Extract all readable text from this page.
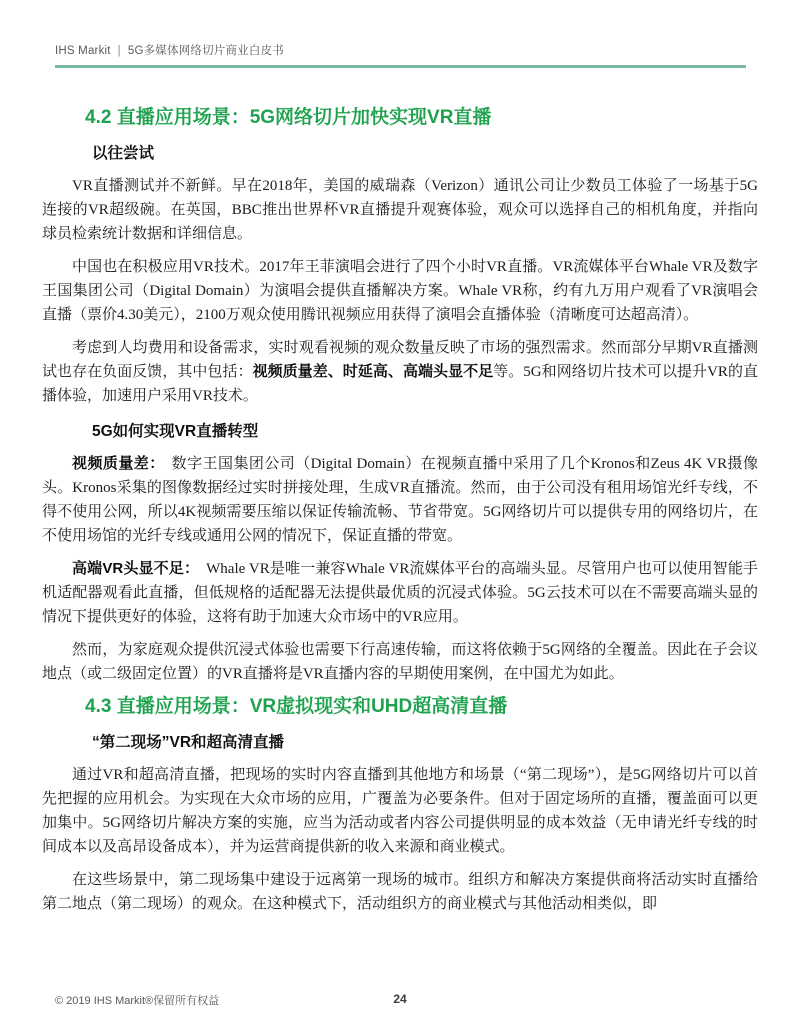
IHS Markit | 5G多媒体网络切片商业白皮书
4.2 直播应用场景：5G网络切片加快实现VR直播
以往尝试

VR直播测试并不新鲜。早在2018年，美国的威瑞森（Verizon）通讯公司让少数员工体验了一场基于5G 连接的VR超级碗。在英国，BBC推出世界杯VR直播提升观赛体验，观众可以选择自己的相机角度，并指向球员检索统计数据和详细信息。

中国也在积极应用VR技术。2017年王菲演唱会进行了四个小时VR直播。VR流媒体平台Whale VR及数字王国集团公司（Digital Domain）为演唱会提供直播解决方案。Whale VR称，约有九万用户观看了VR演唱会直播（票价4.30美元），2100万观众使用腾讯视频应用获得了演唱会直播体验（清晰度可达超高清）。

考虑到人均费用和设备需求，实时观看视频的观众数量反映了市场的强烈需求。然而部分早期VR直播测试也存在负面反馈，其中包括：视频质量差、时延高、高端头显不足等。5G和网络切片技术可以提升VR的直播体验，加速用户采用VR技术。

5G如何实现VR直播转型

视频质量差： 数字王国集团公司（Digital Domain）在视频直播中采用了几个Kronos和Zeus 4K VR摄像头。Kronos采集的图像数据经过实时拼接处理，生成VR直播流。然而，由于公司没有租用场馆光纤专线，不得不使用公网，所以4K视频需要压缩以保证传输流畅、节省带宽。5G网络切片可以提供专用的网络切片，在不使用场馆的光纤专线或通用公网的情况下，保证直播的带宽。

高端VR头显不足： Whale VR是唯一兼容Whale VR流媒体平台的高端头显。尽管用户也可以使用智能手机适配器观看此直播，但低规格的适配器无法提供最优质的沉浸式体验。5G云技术可以在不需要高端头显的情况下提供更好的体验，这将有助于加速大众市场中的VR应用。

然而，为家庭观众提供沉浸式体验也需要下行高速传输，而这将依赖于5G网络的全覆盖。因此在子会议地点（或二级固定位置）的VR直播将是VR直播内容的早期使用案例，在中国尤为如此。

4.3 直播应用场景：VR虚拟现实和UHD超高清直播
“第二现场”VR和超高清直播

通过VR和超高清直播，把现场的实时内容直播到其他地方和场景（“第二现场”），是5G网络切片可以首先把握的应用机会。为实现在大众市场的应用，广覆盖为必要条件。但对于固定场所的直播，覆盖面可以更加集中。5G网络切片解决方案的实施，应当为活动或者内容公司提供明显的成本效益（无申请光纤专线的时间成本以及高昂设备成本），并为运营商提供新的收入来源和商业模式。

在这些场景中，第二现场集中建设于远离第一现场的城市。组织方和解决方案提供商将活动实时直播给第二地点（第二现场）的观众。在这种模式下，活动组织方的商业模式与其他活动相类似，即

© 2019 IHS Markit®保留所有权益	24
